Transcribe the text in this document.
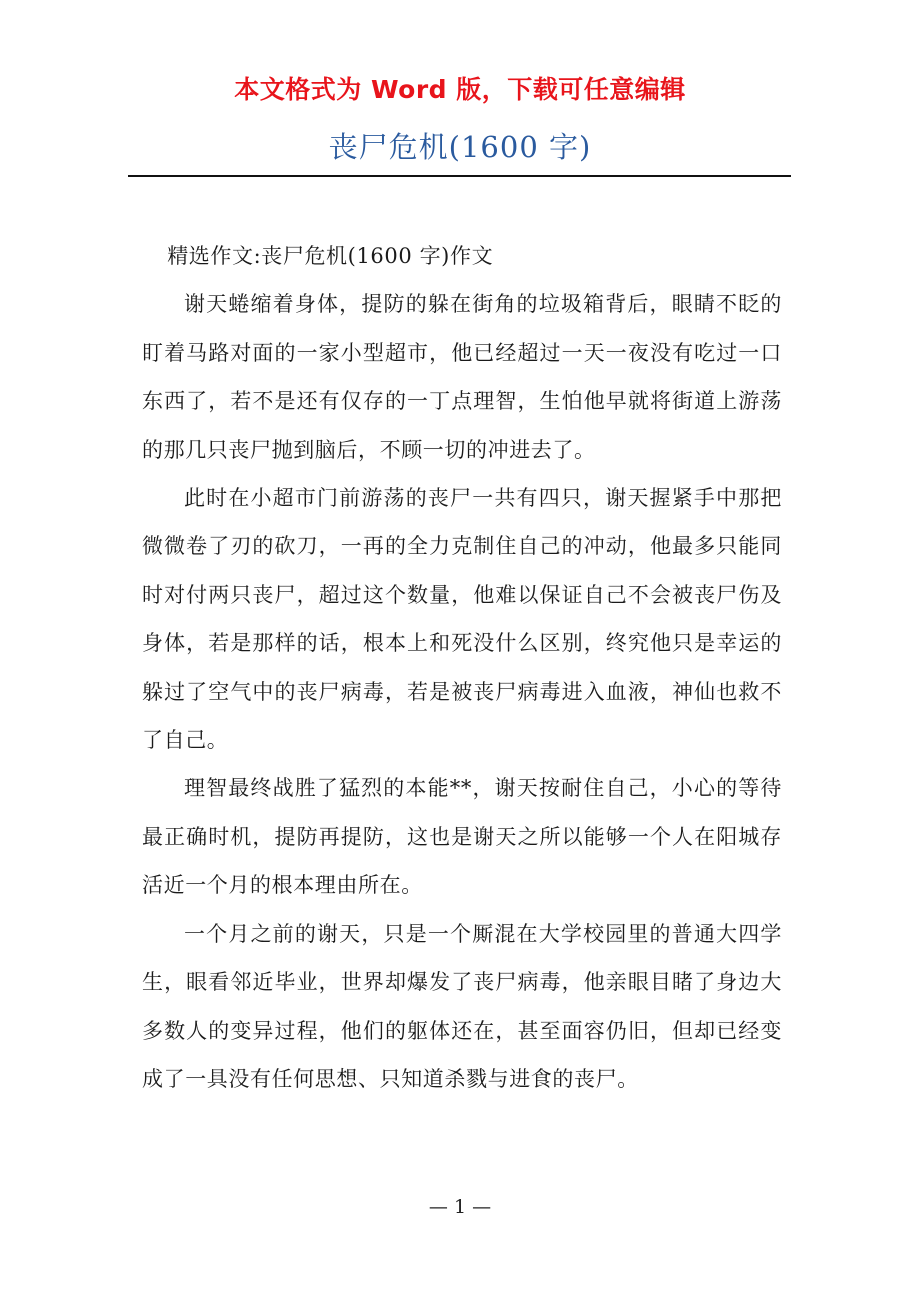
本文格式为 Word 版，下载可任意编辑
丧尸危机(1600 字)

精选作文:丧尸危机(1600 字)作文

谢天蜷缩着身体，提防的躲在街角的垃圾箱背后，眼睛不眨的盯着马路对面的一家小型超市，他已经超过一天一夜没有吃过一口东西了，若不是还有仅存的一丁点理智，生怕他早就将街道上游荡的那几只丧尸抛到脑后，不顾一切的冲进去了。

此时在小超市门前游荡的丧尸一共有四只，谢天握紧手中那把微微卷了刃的砍刀，一再的全力克制住自己的冲动，他最多只能同时对付两只丧尸，超过这个数量，他难以保证自己不会被丧尸伤及身体，若是那样的话，根本上和死没什么区别，终究他只是幸运的躲过了空气中的丧尸病毒，若是被丧尸病毒进入血液，神仙也救不了自己。

理智最终战胜了猛烈的本能**，谢天按耐住自己，小心的等待最正确时机，提防再提防，这也是谢天之所以能够一个人在阳城存活近一个月的根本理由所在。

一个月之前的谢天，只是一个厮混在大学校园里的普通大四学生，眼看邻近毕业，世界却爆发了丧尸病毒，他亲眼目睹了身边大多数人的变异过程，他们的躯体还在，甚至面容仍旧，但却已经变成了一具没有任何思想、只知道杀戮与进食的丧尸。

— 1 —
